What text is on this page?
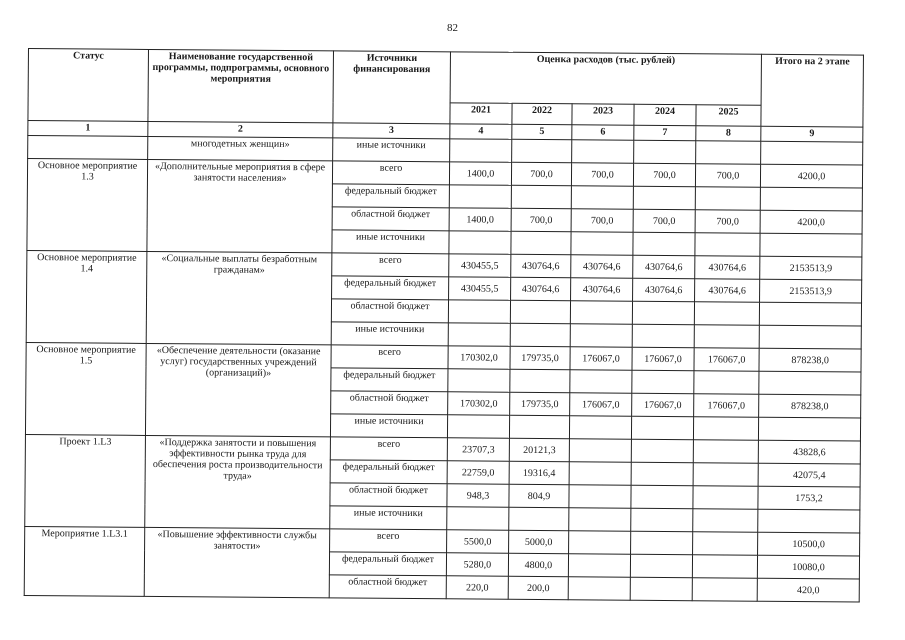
82
Статус	Наименование государственной программы, подпрограммы, основного мероприятия	Источники финансирования	Оценка расходов (тыс. рублей)					Итого на 2 этапе
			2021	2022	2023	2024	2025	
1	2	3	4	5	6	7	8	9
	многодетных женщин»	иные источники						
Основное мероприятие 1.3	«Дополнительные мероприятия в сфере занятости населения»	всего	1400,0	700,0	700,0	700,0	700,0	4200,0
		федеральный бюджет						
		областной бюджет	1400,0	700,0	700,0	700,0	700,0	4200,0
		иные источники						
Основное мероприятие 1.4	«Социальные выплаты безработным гражданам»	всего	430455,5	430764,6	430764,6	430764,6	430764,6	2153513,9
		федеральный бюджет	430455,5	430764,6	430764,6	430764,6	430764,6	2153513,9
		областной бюджет						
		иные источники						
Основное мероприятие 1.5	«Обеспечение деятельности (оказание услуг) государственных учреждений (организаций)»	всего	170302,0	179735,0	176067,0	176067,0	176067,0	878238,0
		федеральный бюджет						
		областной бюджет	170302,0	179735,0	176067,0	176067,0	176067,0	878238,0
		иные источники						
Проект 1.L3	«Поддержка занятости и повышения эффективности рынка труда для обеспечения роста производительности труда»	всего	23707,3	20121,3				43828,6
		федеральный бюджет	22759,0	19316,4				42075,4
		областной бюджет	948,3	804,9				1753,2
		иные источники						
Мероприятие 1.L3.1	«Повышение эффективности службы занятости»	всего	5500,0	5000,0				10500,0
		федеральный бюджет	5280,0	4800,0				10080,0
		областной бюджет	220,0	200,0				420,0
